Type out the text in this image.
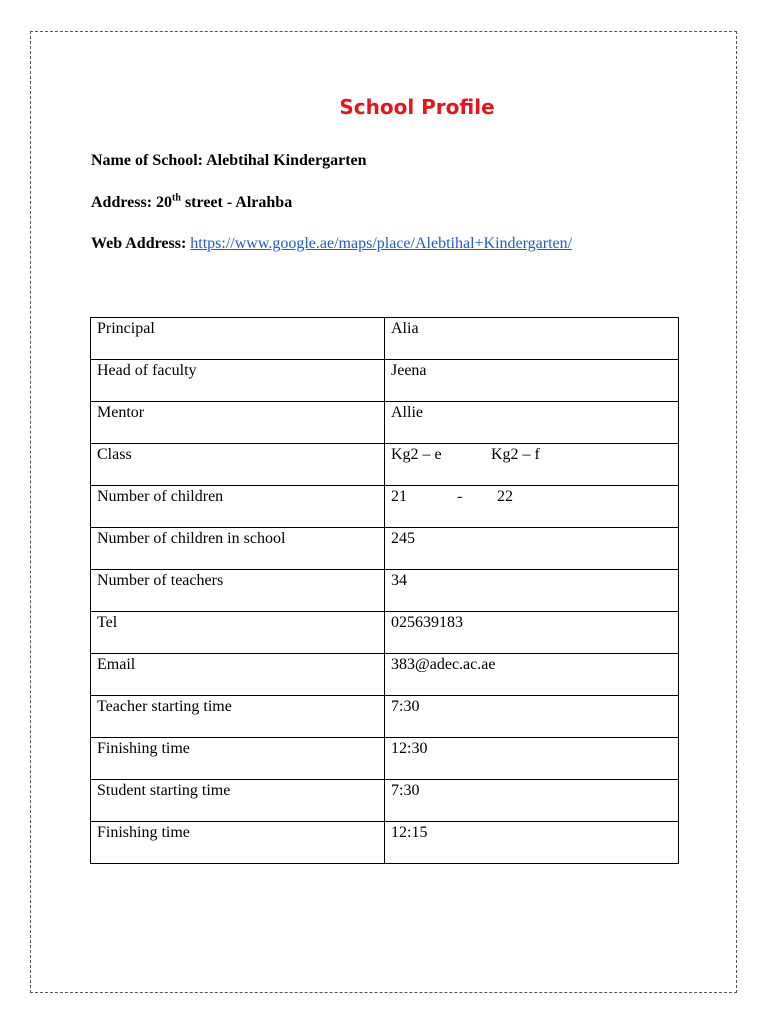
School Profile
Name of School: Alebtihal Kindergarten
Address: 20th street - Alrahba
Web Address: https://www.google.ae/maps/place/Alebtihal+Kindergarten/
Principal	Alia
Head of faculty	Jeena
Mentor	Allie
Class	Kg2 – e Kg2 – f
Number of children	21 - 22
Number of children in school	245
Number of teachers	34
Tel	025639183
Email	383@adec.ac.ae
Teacher starting time	7:30
Finishing time	12:30
Student starting time	7:30
Finishing time	12:15
